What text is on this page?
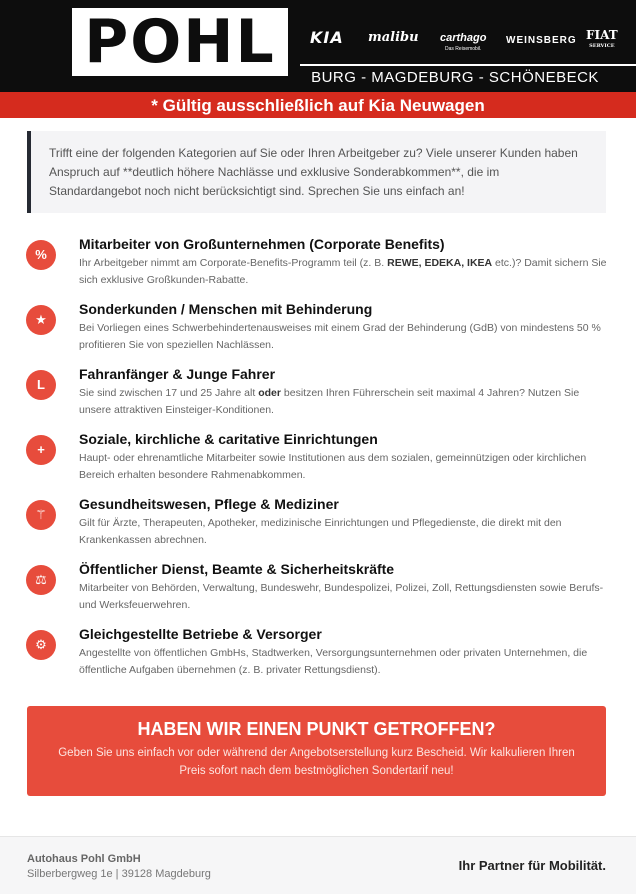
POHL	KIA malibu carthago
Das Reisemobil.
WEINSBERG FIAT
SERVICE
BURG - MAGDEBURG - SCHÖNEBECK
* Gültig ausschließlich auf Kia Neuwagen
Trifft eine der folgenden Kategorien auf Sie oder Ihren Arbeitgeber zu? Viele unserer Kunden haben Anspruch auf **deutlich höhere Nachlässe und exklusive Sonderabkommen**, die im Standardangebot noch nicht berücksichtigt sind. Sprechen Sie uns einfach an!
%
Mitarbeiter von Großunternehmen (Corporate Benefits)
Ihr Arbeitgeber nimmt am Corporate-Benefits-Programm teil (z. B. REWE, EDEKA, IKEA etc.)? Damit sichern Sie sich exklusive Großkunden-Rabatte.
★
Sonderkunden / Menschen mit Behinderung
Bei Vorliegen eines Schwerbehindertenausweises mit einem Grad der Behinderung (GdB) von mindestens 50 % profitieren Sie von speziellen Nachlässen.
L
Fahranfänger & Junge Fahrer
Sie sind zwischen 17 und 25 Jahre alt oder besitzen Ihren Führerschein seit maximal 4 Jahren? Nutzen Sie unsere attraktiven Einsteiger-Konditionen.
+
Soziale, kirchliche & caritative Einrichtungen
Haupt- oder ehrenamtliche Mitarbeiter sowie Institutionen aus dem sozialen, gemeinnützigen oder kirchlichen Bereich erhalten besondere Rahmenabkommen.
⚚
Gesundheitswesen, Pflege & Mediziner
Gilt für Ärzte, Therapeuten, Apotheker, medizinische Einrichtungen und Pflegedienste, die direkt mit den Krankenkassen abrechnen.
⚖
Öffentlicher Dienst, Beamte & Sicherheitskräfte
Mitarbeiter von Behörden, Verwaltung, Bundeswehr, Bundespolizei, Polizei, Zoll, Rettungsdiensten sowie Berufs- und Werksfeuerwehren.
⚙
Gleichgestellte Betriebe & Versorger
Angestellte von öffentlichen GmbHs, Stadtwerken, Versorgungsunternehmen oder privaten Unternehmen, die öffentliche Aufgaben übernehmen (z. B. privater Rettungsdienst).
HABEN WIR EINEN PUNKT GETROFFEN?
Geben Sie uns einfach vor oder während der Angebotserstellung kurz Bescheid. Wir kalkulieren Ihren Preis sofort nach dem bestmöglichen Sondertarif neu!
Autohaus Pohl GmbH
Silberbergweg 1e | 39128 Magdeburg
Ihr Partner für Mobilität.
